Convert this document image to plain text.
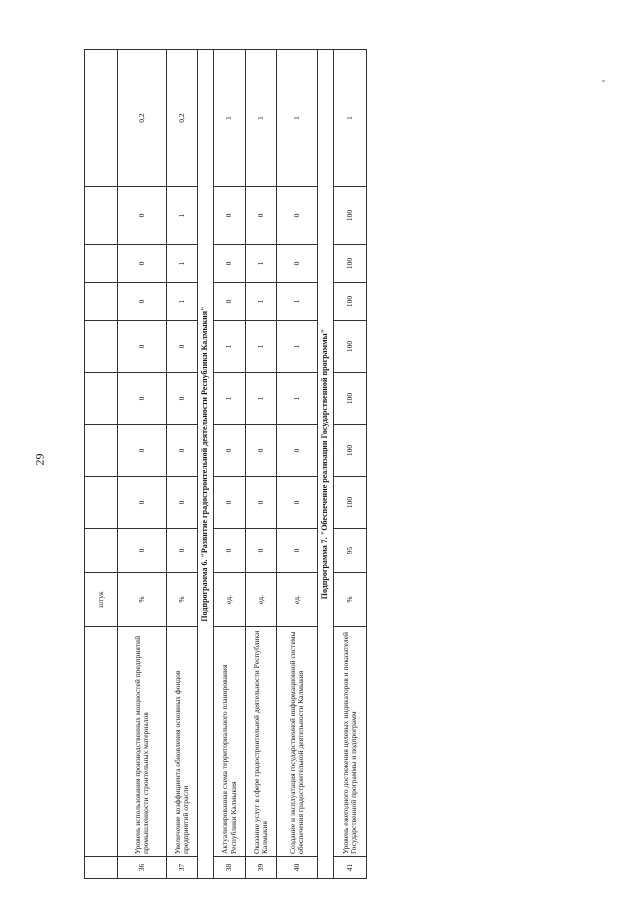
29
		штук									
36	Уровень использования производственных мощностей предприятий промышленности строительных материалов	%	0	0	0	0	0	0	0	0	0,2
37	Увеличение коэффициента обновления основных фондов предприятий отрасли	%	0	0	0	0	0	1	1	1	0,2
Подпрограмма 6. "Развитие градостроительной деятельности Республики Калмыкия"											
38	Актуализированная схема территориального планирования Республики Калмыкия	ед.	0	0	0	1	1	0	0	0	1
39	Оказание услуг в сфере градостроительной деятельности Республики Калмыкия	ед.	0	0	0	1	1	1	1	0	1
40	Создание и эксплуатация государственной информационной системы обеспечения градостроительной деятельности Калмыкия	ед.	0	0	0	1	1	1	0	0	1
Подпрограмма 7. "Обеспечение реализации Государственной программы"											
41	Уровень ежегодного достижения целевых индикаторов и показателей Государственной программы и подпрограмм	%	95	100	100	100	100	100	100	100	1
